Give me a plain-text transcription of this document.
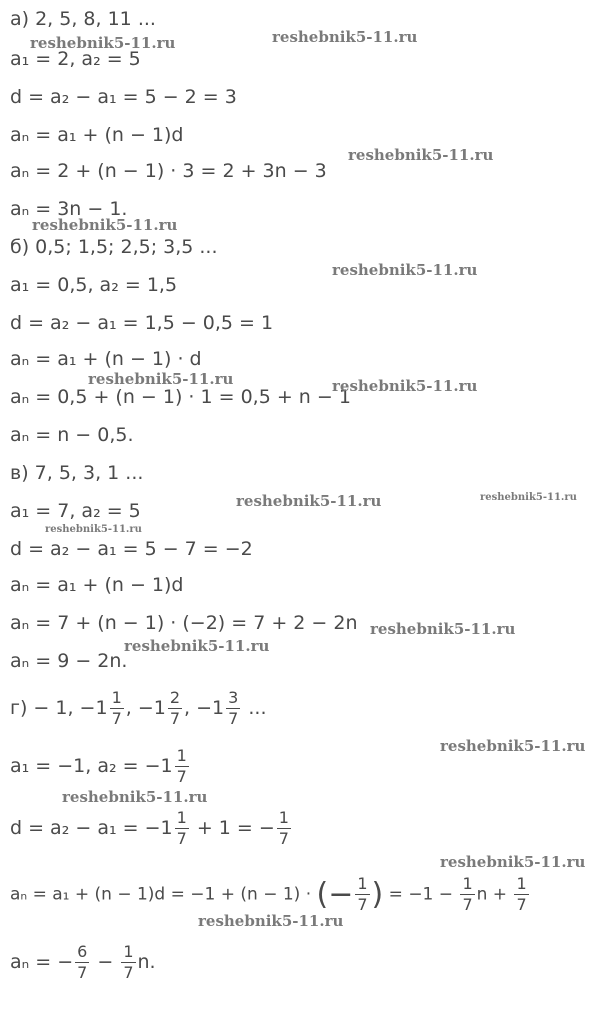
а) 2, 5, 8, 11 ...
a₁ = 2, a₂ = 5
d = a₂ − a₁ = 5 − 2 = 3
aₙ = a₁ + (n − 1)d
aₙ = 2 + (n − 1) · 3 = 2 + 3n − 3
aₙ = 3n − 1.
б) 0,5; 1,5; 2,5; 3,5 ...
a₁ = 0,5, a₂ = 1,5
d = a₂ − a₁ = 1,5 − 0,5 = 1
aₙ = a₁ + (n − 1) · d
aₙ = 0,5 + (n − 1) · 1 = 0,5 + n − 1
aₙ = n − 0,5.
в) 7, 5, 3, 1 ...
a₁ = 7, a₂ = 5
d = a₂ − a₁ = 5 − 7 = −2
aₙ = a₁ + (n − 1)d
aₙ = 7 + (n − 1) · (−2) = 7 + 2 − 2n
aₙ = 9 − 2n.
г) − 1, $-1 \frac{1}{7}$ , $-1 \frac{2}{7}$ , $-1 \frac{3}{7}$ ...
a₁ = −1, $a_2 = -1 \frac{1}{7}$
$d = a_2 - a_1 = -1 \frac{1}{7} + 1$ = − $\frac{1}{7}$
aₙ = a₁ + (n − 1)d = −1 + (n − 1) · (− $\frac{1}{7}$ ) = $-1 - \frac{1}{7}$ $n + \frac{1}{7}$
aₙ = − $\frac{6}{7} - \frac{1}{7} n$.
reshebnik5-11.ru	reshebnik5-11.ru
reshebnik5-11.ru
reshebnik5-11.ru
reshebnik5-11.ru
reshebnik5-11.ru	reshebnik5-11.ru
reshebnik5-11.ru	reshebnik5-11.ru
reshebnik5-11.ru
reshebnik5-11.ru
reshebnik5-11.ru
reshebnik5-11.ru
reshebnik5-11.ru
reshebnik5-11.ru
reshebnik5-11.ru
